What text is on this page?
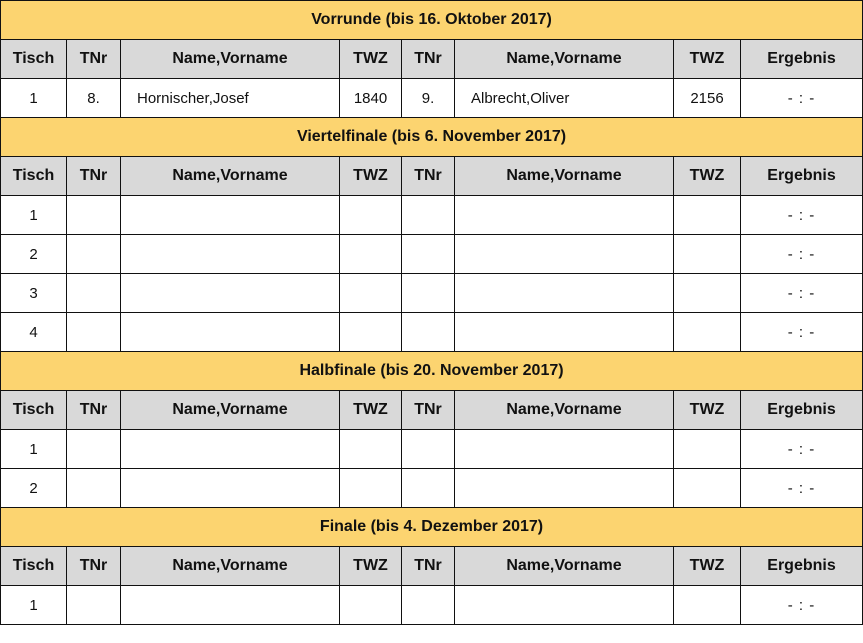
Vorrunde (bis 16. Oktober 2017)							
Tisch	TNr	Name,Vorname	TWZ	TNr	Name,Vorname	TWZ	Ergebnis
1	8.	Hornischer,Josef	1840	9.	Albrecht,Oliver	2156	- : -
Viertelfinale (bis 6. November 2017)							
Tisch	TNr	Name,Vorname	TWZ	TNr	Name,Vorname	TWZ	Ergebnis
1							- : -
2							- : -
3							- : -
4							- : -
Halbfinale (bis 20. November 2017)							
Tisch	TNr	Name,Vorname	TWZ	TNr	Name,Vorname	TWZ	Ergebnis
1							- : -
2							- : -
Finale (bis 4. Dezember 2017)							
Tisch	TNr	Name,Vorname	TWZ	TNr	Name,Vorname	TWZ	Ergebnis
1							- : -
